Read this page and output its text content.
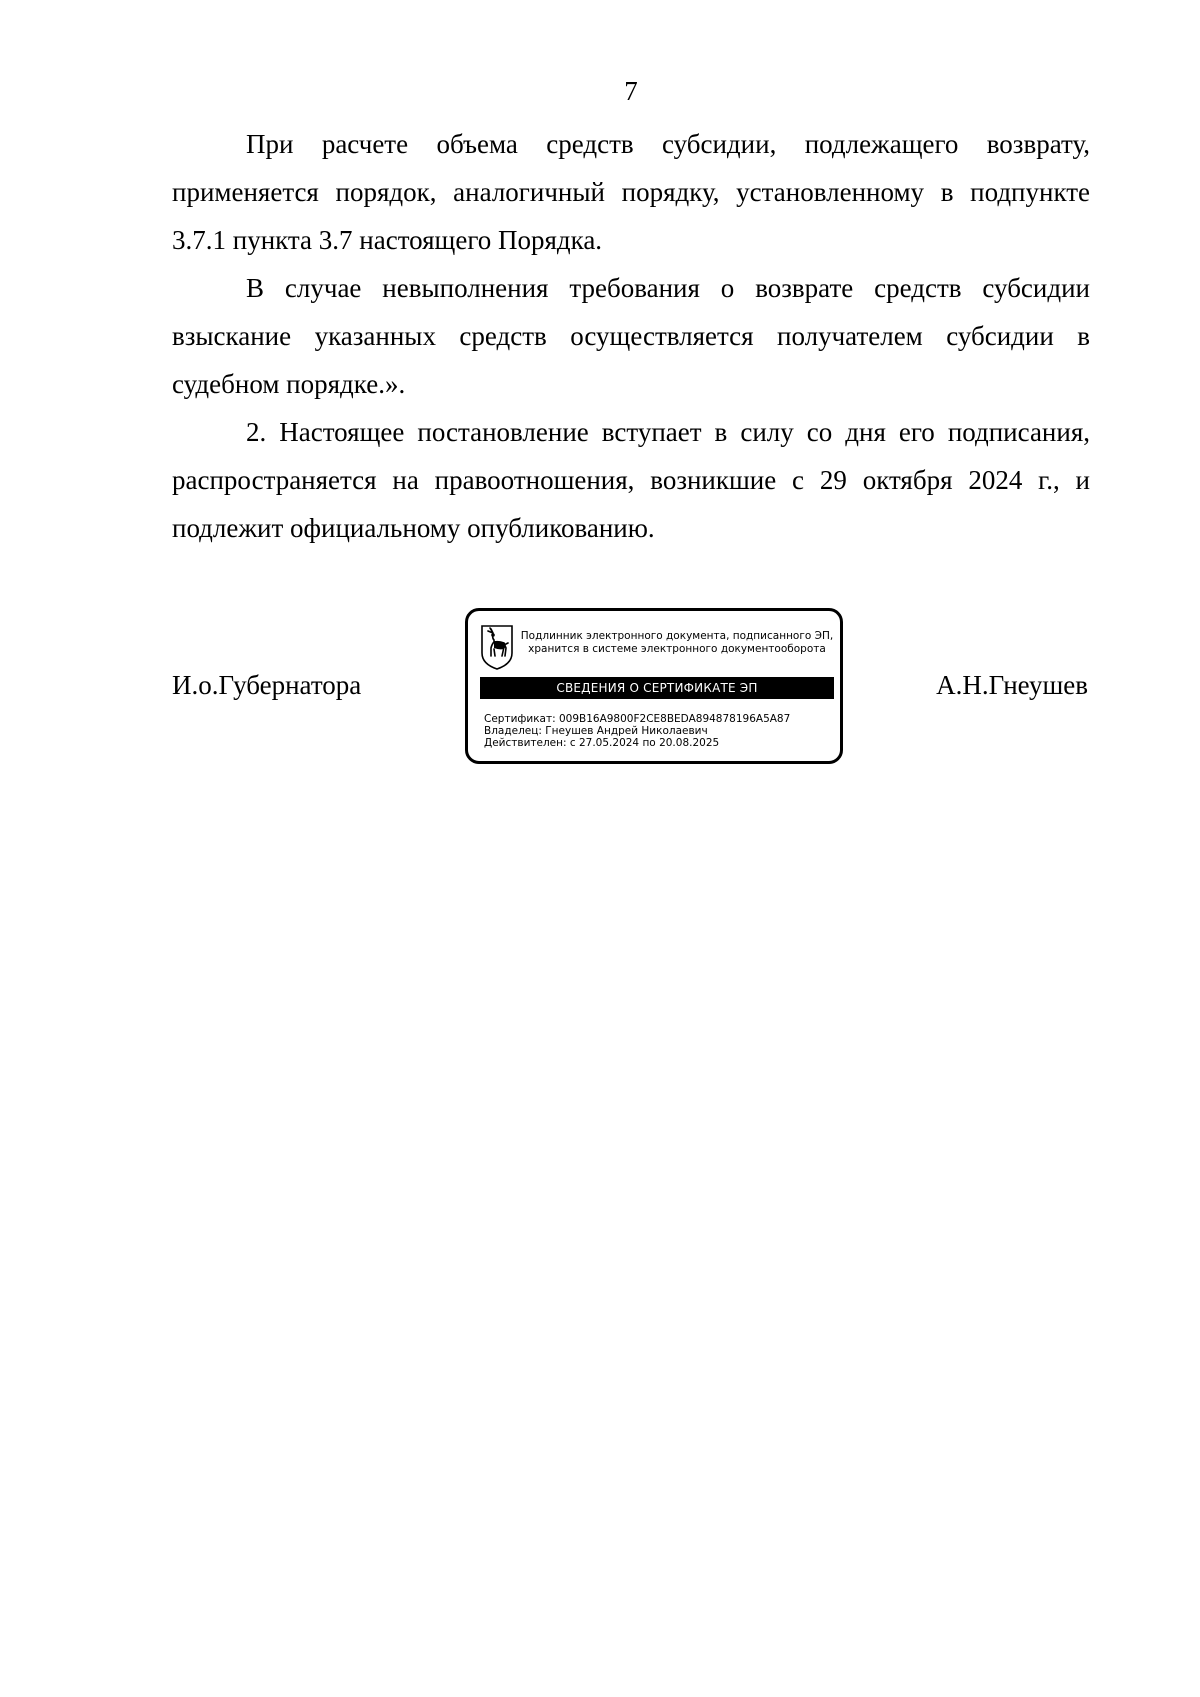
7

При расчете объема средств субсидии, подлежащего возврату, применяется порядок, аналогичный порядку, установленному в подпункте 3.7.1 пункта 3.7 настоящего Порядка.

В случае невыполнения требования о возврате средств субсидии взыскание указанных средств осуществляется получателем субсидии в судебном порядке.».

2. Настоящее постановление вступает в силу со дня его подписания, распространяется на правоотношения, возникшие с 29 октября 2024 г., и подлежит официальному опубликованию.

И.о.Губернатора
Подлинник электронного документа, подписанного ЭП,
хранится в системе электронного документооборота
СВЕДЕНИЯ О СЕРТИФИКАТЕ ЭП
Сертификат: 009B16A9800F2CE8BEDA894878196A5A87
Владелец: Гнеушев Андрей Николаевич
Действителен: с 27.05.2024 по 20.08.2025
А.Н.Гнеушев
